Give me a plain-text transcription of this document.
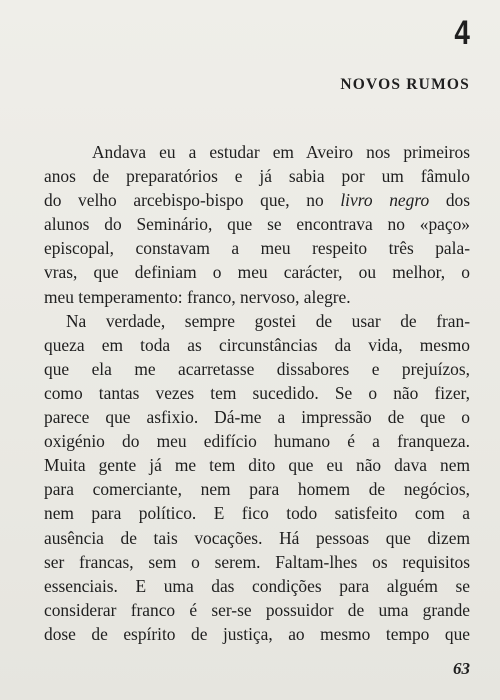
4
NOVOS RUMOS
Andava eu a estudar em Aveiro nos primeiros
anos de preparatórios e já sabia por um fâmulo
do velho arcebispo-bispo que, no livro negro dos
alunos do Seminário, que se encontrava no «paço»
episcopal, constavam a meu respeito três pala-
vras, que definiam o meu carácter, ou melhor, o
meu temperamento: franco, nervoso, alegre.
Na verdade, sempre gostei de usar de fran-
queza em toda as circunstâncias da vida, mesmo
que ela me acarretasse dissabores e prejuízos,
como tantas vezes tem sucedido. Se o não fizer,
parece que asfixio. Dá-me a impressão de que o
oxigénio do meu edifício humano é a franqueza.
Muita gente já me tem dito que eu não dava nem
para comerciante, nem para homem de negócios,
nem para político. E fico todo satisfeito com a
ausência de tais vocações. Há pessoas que dizem
ser francas, sem o serem. Faltam-lhes os requisitos
essenciais. E uma das condições para alguém se
considerar franco é ser-se possuidor de uma grande
dose de espírito de justiça, ao mesmo tempo que
63
